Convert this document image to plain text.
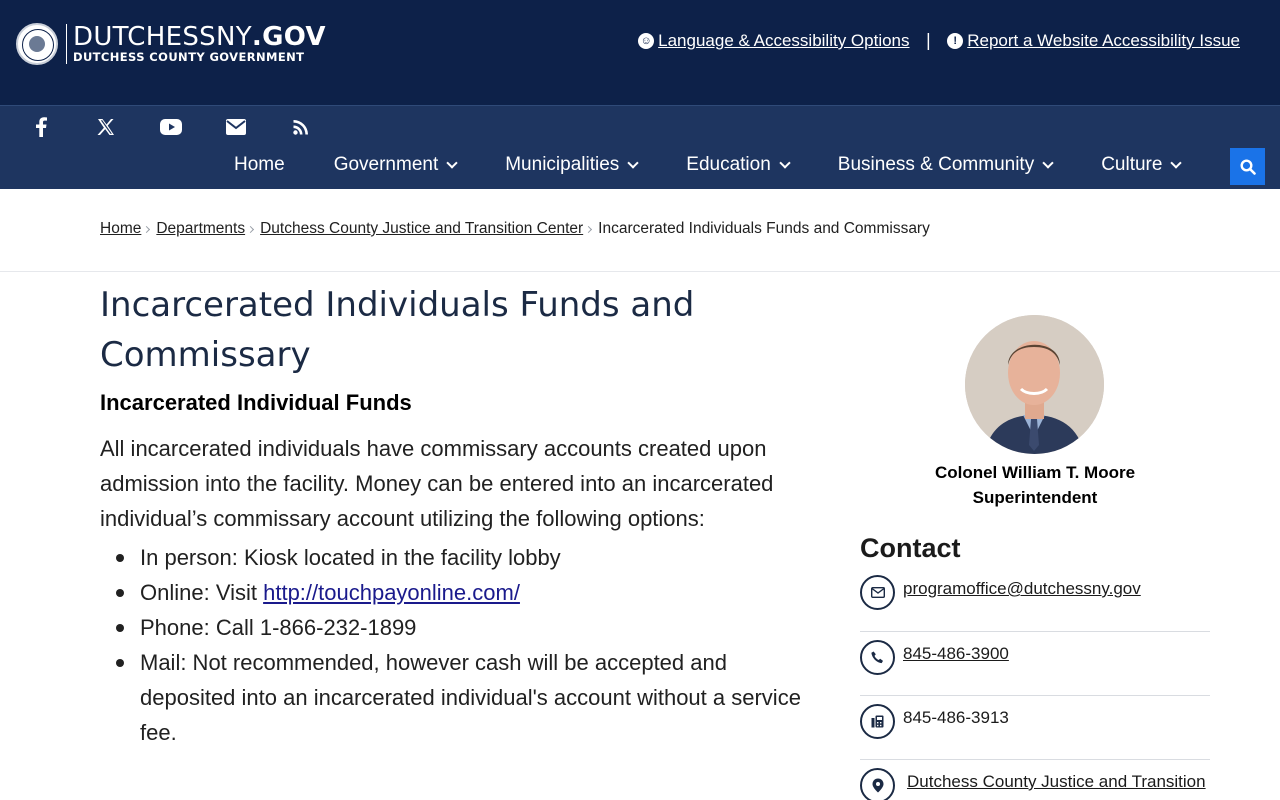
DUTCHESSNY.GOV
DUTCHESS COUNTY GOVERNMENT
☺ Language & Accessibility Options |	! Report a Website Accessibility Issue
Home	Government	Municipalities	Education	Business & Community	Culture
Home Departments Dutchess County Justice and Transition Center Incarcerated Individuals Funds and Commissary
Incarcerated Individuals Funds and Commissary
Incarcerated Individual Funds

All incarcerated individuals have commissary accounts created upon admission into the facility. Money can be entered into an incarcerated individual’s commissary account utilizing the following options:

In person: Kiosk located in the facility lobby
Online: Visit http://touchpayonline.com/
Phone: Call 1-866-232-1899
Mail: Not recommended, however cash will be accepted and deposited into an incarcerated individual's account without a service fee.
Colonel William T. Moore
Superintendent
Contact
programoffice@dutchessny.gov
845-486-3900
845-486-3913
Dutchess County Justice and Transition
